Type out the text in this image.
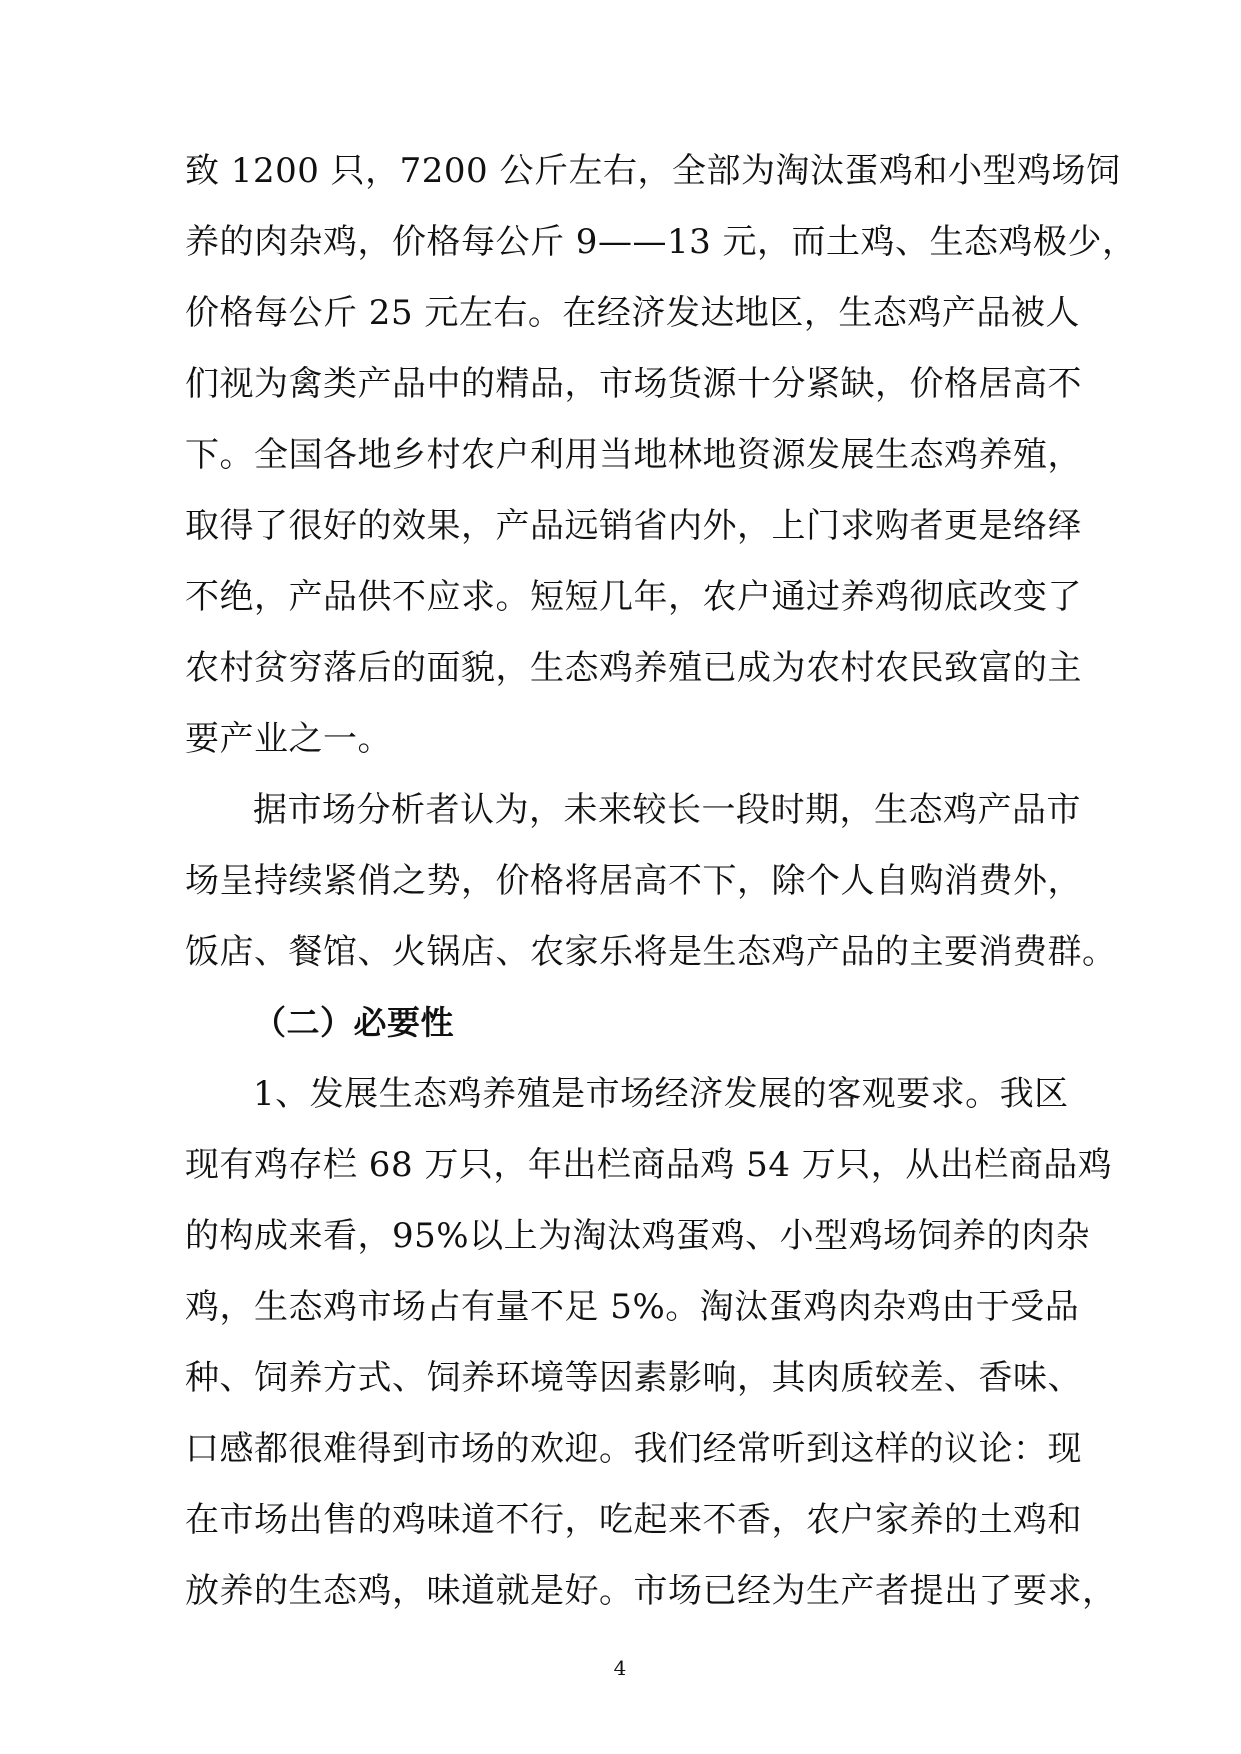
致 1200 只，7200 公斤左右，全部为淘汰蛋鸡和小型鸡场饲
养的肉杂鸡，价格每公斤 9——13 元，而土鸡、生态鸡极少，
价格每公斤 25 元左右。在经济发达地区，生态鸡产品被人
们视为禽类产品中的精品，市场货源十分紧缺，价格居高不
下。全国各地乡村农户利用当地林地资源发展生态鸡养殖，
取得了很好的效果，产品远销省内外，上门求购者更是络绎
不绝，产品供不应求。短短几年，农户通过养鸡彻底改变了
农村贫穷落后的面貌，生态鸡养殖已成为农村农民致富的主
要产业之一。
据市场分析者认为，未来较长一段时期，生态鸡产品市
场呈持续紧俏之势，价格将居高不下，除个人自购消费外，
饭店、餐馆、火锅店、农家乐将是生态鸡产品的主要消费群。
（二）必要性
1、发展生态鸡养殖是市场经济发展的客观要求。我区
现有鸡存栏 68 万只，年出栏商品鸡 54 万只，从出栏商品鸡
的构成来看，95%以上为淘汰鸡蛋鸡、小型鸡场饲养的肉杂
鸡，生态鸡市场占有量不足 5%。淘汰蛋鸡肉杂鸡由于受品
种、饲养方式、饲养环境等因素影响，其肉质较差、香味、
口感都很难得到市场的欢迎。我们经常听到这样的议论：现
在市场出售的鸡味道不行，吃起来不香，农户家养的土鸡和
放养的生态鸡，味道就是好。市场已经为生产者提出了要求，
4
